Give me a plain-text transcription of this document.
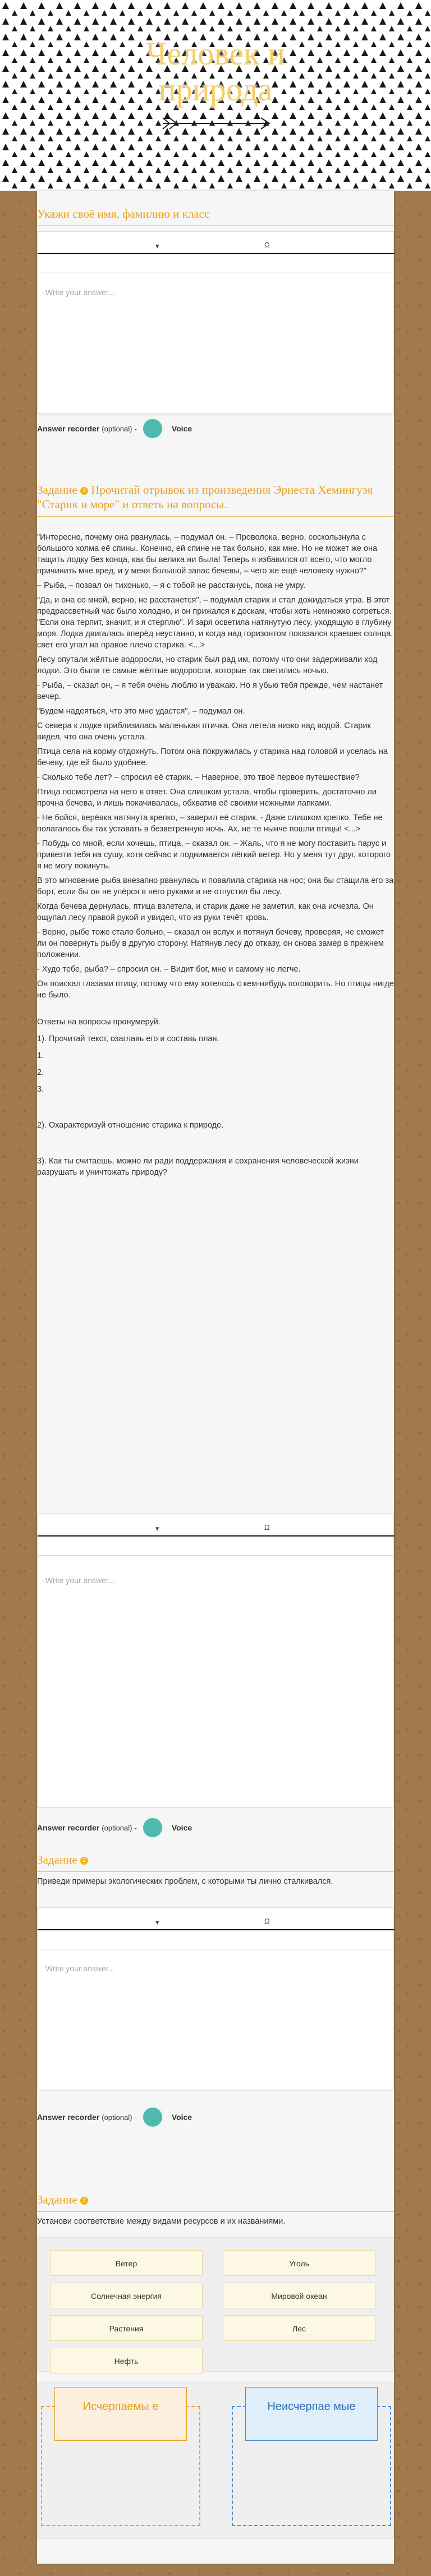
Человек и
природа
Укажи своё имя, фамилию и класс
▾	Ω
Write your answer...
Answer recorder (optional) -	Voice
Задание 1 Прочитай отрывок из произведения Эрнеста Хемингуэя "Старик и море" и ответь на вопросы.

"Интересно, почему она рванулась, – подумал он. – Проволока, верно, соскользнула с большого холма её спины. Конечно, ей спине не так больно, как мне. Но не может же она тащить лодку без конца, как бы велика ни была! Теперь я избавился от всего, что могло причинить мне вред, и у меня большой запас бечевы, – чего же ещё человеку нужно?"

– Рыба, – позвал он тихонько, – я с тобой не расстанусь, пока не умру.

"Да, и она со мной, верно, не расстанется", – подумал старик и стал дожидаться утра. В этот предрассветный час было холодно, и он прижался к доскам, чтобы хоть немножко согреться. "Если она терпит, значит, и я стерплю". И заря осветила натянутую лесу, уходящую в глубину моря. Лодка двигалась вперёд неустанно, и когда над горизонтом показался краешек солнца, свет его упал на правое плечо старика. <...>

Лесу опутали жёлтые водоросли, но старик был рад им, потому что они задерживали ход лодки. Это были те самые жёлтые водоросли, которые так светились ночью.

- Рыба, – сказал он, – я тебя очень люблю и уважаю. Но я убью тебя прежде, чем настанет вечер.

"Будем надеяться, что это мне удастся", – подумал он.

С севера к лодке приблизилась маленькая птичка. Она летела низко над водой. Старик видел, что она очень устала.

Птица села на корму отдохнуть. Потом она покружилась у старика над головой и уселась на бечеву, где ей было удобнее.

- Сколько тебе лет? – спросил её старик. – Наверное, это твоё первое путешествие?

Птица посмотрела на него в ответ. Она слишком устала, чтобы проверить, достаточно ли прочна бечева, и лишь покачивалась, обхватив её своими нежными лапками.

- Не бойся, верёвка натянута крепко, – заверил её старик. - Даже слишком крепко. Тебе не полагалось бы так уставать в безветренную ночь. Ах, не те нынче пошли птицы! <...>

- Побудь со мной, если хочешь, птица, – сказал он. – Жаль, что я не могу поставить парус и привезти тебя на сушу, хотя сейчас и поднимается лёгкий ветер. Но у меня тут друг, которого я не могу покинуть.

В это мгновение рыба внезапно рванулась и повалила старика на нос; она бы стащила его за борт, если бы он не упёрся в него руками и не отпустил бы лесу.

Когда бечева дернулась, птица взлетела, и старик даже не заметил, как она исчезла. Он ощупал лесу правой рукой и увидел, что из руки течёт кровь.

- Верно, рыбе тоже стало больно, – сказал он вслух и потянул бечеву, проверяя, не сможет ли он повернуть рыбу в другую сторону. Натянув лесу до отказу, он снова замер в прежнем положении.

- Худо тебе, рыба? – спросил он. – Видит бог, мне и самому не легче.

Он поискал глазами птицу, потому что ему хотелось с кем-нибудь поговорить. Но птицы нигде не было.

Ответы на вопросы пронумеруй.

1). Прочитай текст, озаглавь его и составь план.

1.

2.

3.

2). Охарактеризуй отношение старика к природе.

3). Как ты считаешь, можно ли ради поддержания и сохранения человеческой жизни разрушать и уничтожать природу?

▾	Ω
Write your answer...
Answer recorder (optional) -	Voice
Задание 2
Приведи примеры экологических проблем, с которыми ты лично сталкивался.
▾	Ω
Write your answer...
Answer recorder (optional) -	Voice
Задание 3
Установи соответствие между видами ресурсов и их названиями.
Ветер	Уголь
Солнечная энергия	Мировой океан
Растения	Лес
Нефть
Исчерпаемы е	Неисчерпае мые
